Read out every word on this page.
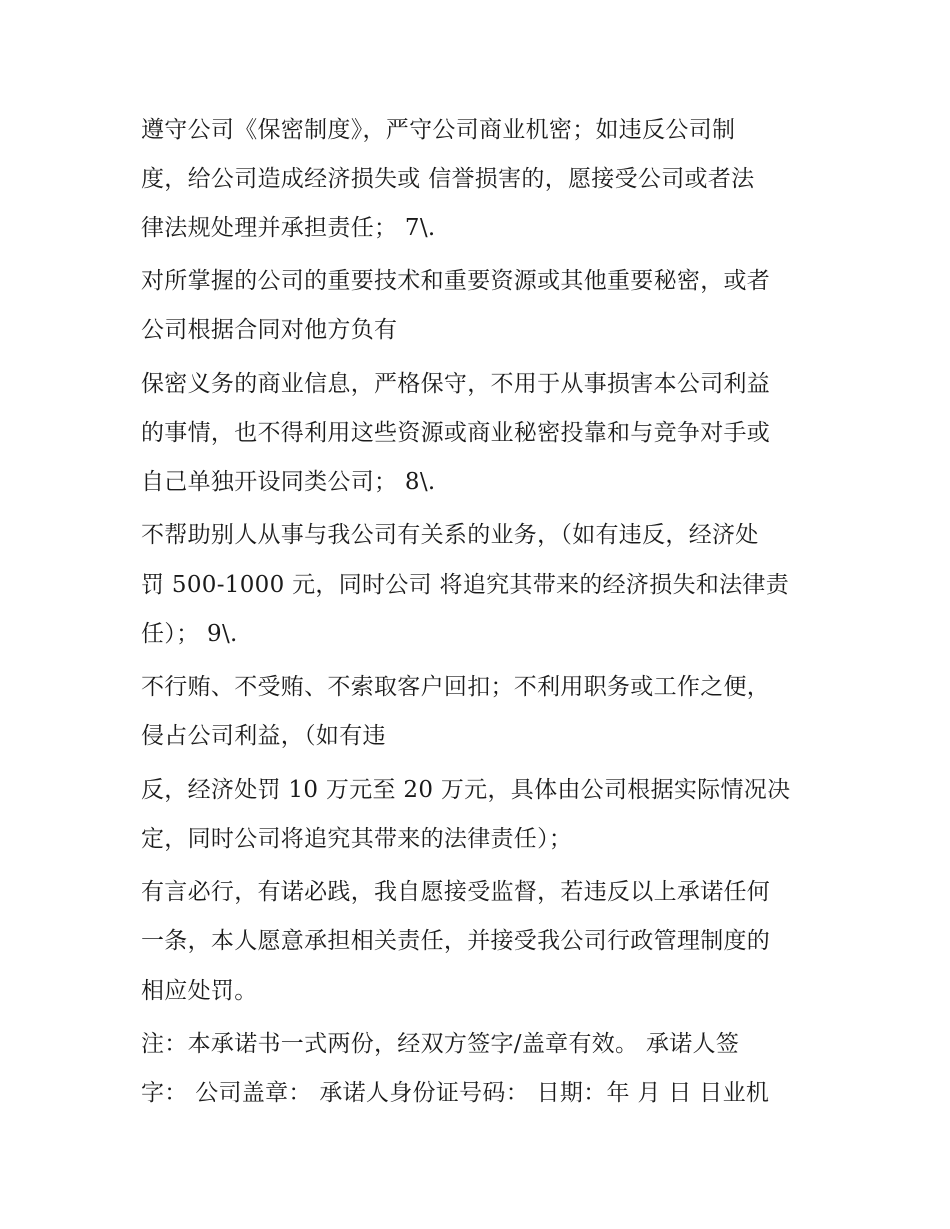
遵守公司《保密制度》，严守公司商业机密；如违反公司制
度，给公司造成经济损失或 信誉损害的，愿接受公司或者法
律法规处理并承担责任； 7\.
对所掌握的公司的重要技术和重要资源或其他重要秘密，或者
公司根据合同对他方负有
保密义务的商业信息，严格保守，不用于从事损害本公司利益
的事情，也不得利用这些资源或商业秘密投靠和与竞争对手或
自己单独开设同类公司； 8\.
不帮助别人从事与我公司有关系的业务，（如有违反，经济处
罚 500-1000 元，同时公司 将追究其带来的经济损失和法律责
任）； 9\.
不行贿、不受贿、不索取客户回扣；不利用职务或工作之便，
侵占公司利益，（如有违
反，经济处罚 10 万元至 20 万元，具体由公司根据实际情况决
定，同时公司将追究其带来的法律责任）；
有言必行，有诺必践，我自愿接受监督，若违反以上承诺任何
一条，本人愿意承担相关责任，并接受我公司行政管理制度的
相应处罚。
注：本承诺书一式两份，经双方签字/盖章有效。 承诺人签
字： 公司盖章： 承诺人身份证号码： 日期：年 月 日 日业机
